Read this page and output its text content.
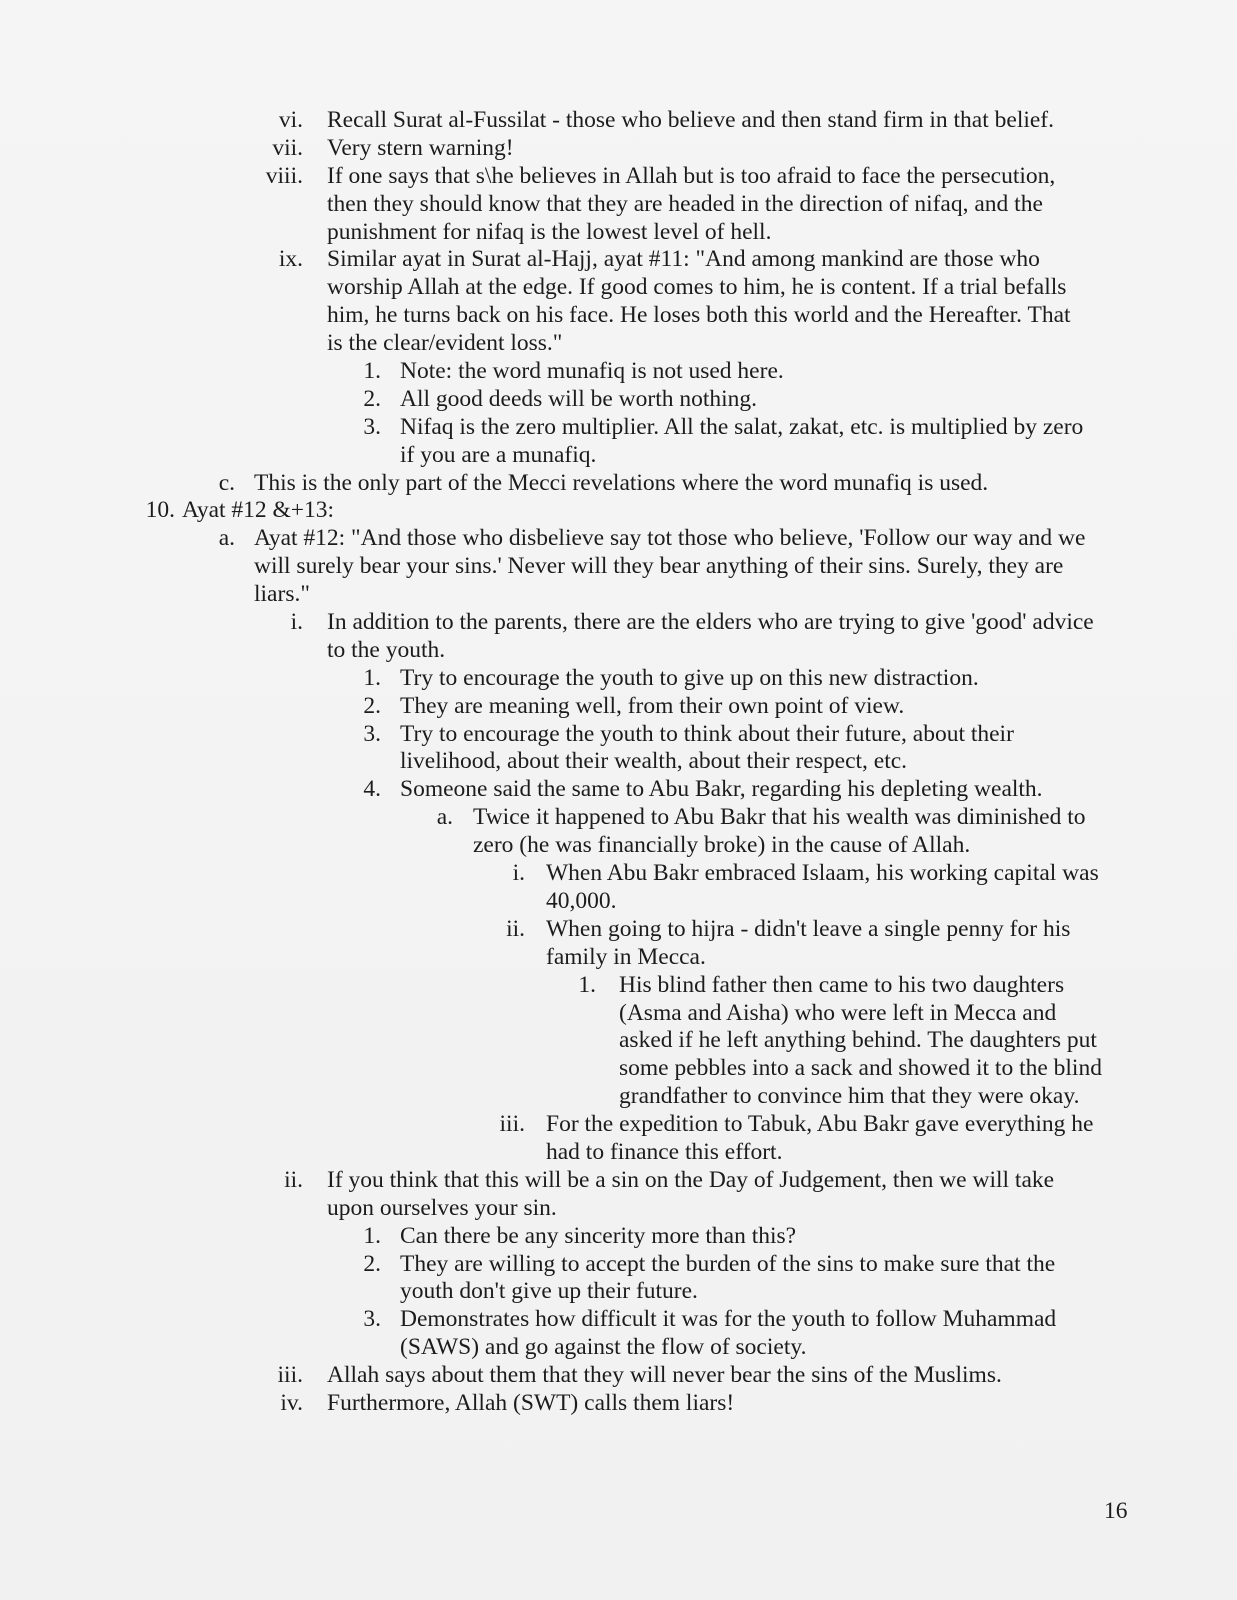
vi. Recall Surat al-Fussilat - those who believe and then stand firm in that belief.
vii. Very stern warning!
viii. If one says that s\he believes in Allah but is too afraid to face the persecution,
then they should know that they are headed in the direction of nifaq, and the
punishment for nifaq is the lowest level of hell.
ix. Similar ayat in Surat al-Hajj, ayat #11: "And among mankind are those who
worship Allah at the edge. If good comes to him, he is content. If a trial befalls
him, he turns back on his face. He loses both this world and the Hereafter. That
is the clear/evident loss."
1. Note: the word munafiq is not used here.
2. All good deeds will be worth nothing.
3. Nifaq is the zero multiplier. All the salat, zakat, etc. is multiplied by zero
if you are a munafiq.
c. This is the only part of the Mecci revelations where the word munafiq is used.
10. Ayat #12 &+13:
a. Ayat #12: "And those who disbelieve say tot those who believe, 'Follow our way and we
will surely bear your sins.' Never will they bear anything of their sins. Surely, they are
liars."
i. In addition to the parents, there are the elders who are trying to give 'good' advice
to the youth.
1. Try to encourage the youth to give up on this new distraction.
2. They are meaning well, from their own point of view.
3. Try to encourage the youth to think about their future, about their
livelihood, about their wealth, about their respect, etc.
4. Someone said the same to Abu Bakr, regarding his depleting wealth.
a. Twice it happened to Abu Bakr that his wealth was diminished to
zero (he was financially broke) in the cause of Allah.
i. When Abu Bakr embraced Islaam, his working capital was
40,000.
ii. When going to hijra - didn't leave a single penny for his
family in Mecca.
1. His blind father then came to his two daughters
(Asma and Aisha) who were left in Mecca and
asked if he left anything behind. The daughters put
some pebbles into a sack and showed it to the blind
grandfather to convince him that they were okay.
iii. For the expedition to Tabuk, Abu Bakr gave everything he
had to finance this effort.
ii. If you think that this will be a sin on the Day of Judgement, then we will take
upon ourselves your sin.
1. Can there be any sincerity more than this?
2. They are willing to accept the burden of the sins to make sure that the
youth don't give up their future.
3. Demonstrates how difficult it was for the youth to follow Muhammad
(SAWS) and go against the flow of society.
iii. Allah says about them that they will never bear the sins of the Muslims.
iv. Furthermore, Allah (SWT) calls them liars!
16
